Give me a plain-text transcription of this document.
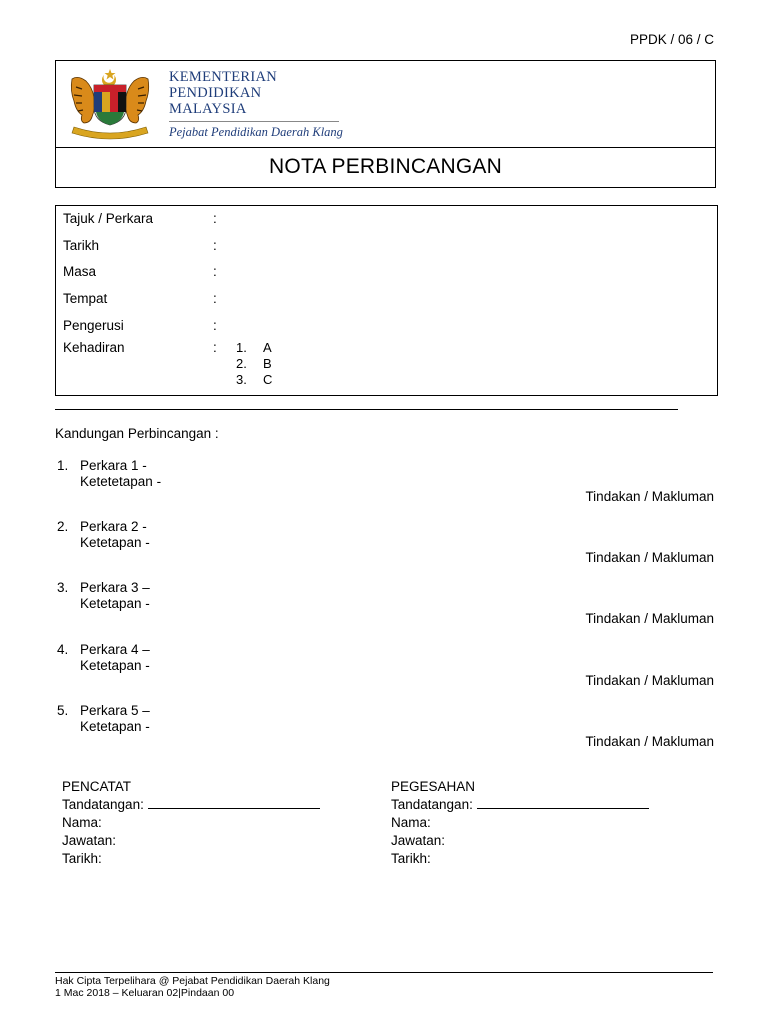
PPDK / 06 / C
KEMENTERIAN
PENDIDIKAN
MALAYSIA
Pejabat Pendidikan Daerah Klang
NOTA PERBINCANGAN
Tajuk / Perkara	:
Tarikh	:
Masa	:
Tempat	:
Pengerusi	:
Kehadiran	: 1. A
2. B
3. C
Kandungan Perbincangan :
1. Perkara 1 -
Ketetetapan -
Tindakan / Makluman
2. Perkara 2 -
Ketetapan -
Tindakan / Makluman
3. Perkara 3 –
Ketetapan -
Tindakan / Makluman
4. Perkara 4 –
Ketetapan -
Tindakan / Makluman
5. Perkara 5 –
Ketetapan -
Tindakan / Makluman
PENCATAT
Tandatangan:
Nama:
Jawatan:
Tarikh:
PEGESAHAN
Tandatangan:
Nama:
Jawatan:
Tarikh:
Hak Cipta Terpelihara @ Pejabat Pendidikan Daerah Klang
1 Mac 2018 – Keluaran 02|Pindaan 00
